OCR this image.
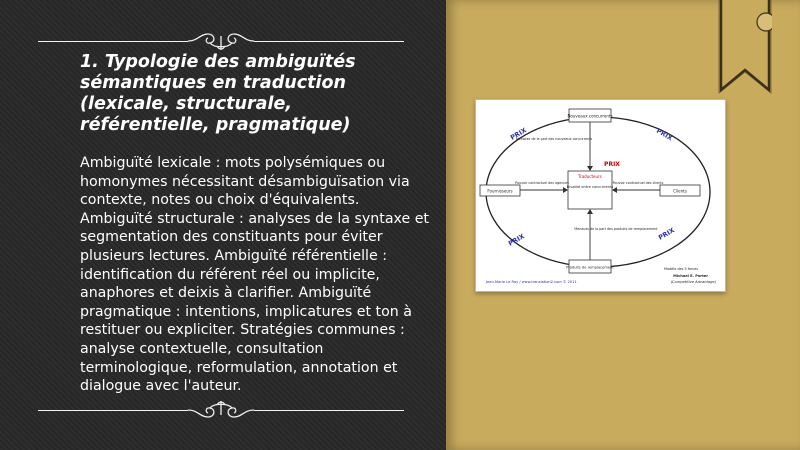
1. Typologie des ambiguïtés sémantiques en traduction (lexicale, structurale, référentielle, pragmatique)

Ambiguïté lexicale : mots polysémiques ou homonymes nécessitant désambiguïsation via contexte, notes ou choix d'équivalents. Ambiguïté structurale : analyses de la syntaxe et segmentation des constituants pour éviter plusieurs lectures. Ambiguïté référentielle : identification du référent réel ou implicite, anaphores et deixis à clarifier. Ambiguïté pragmatique : intentions, implicatures et ton à restituer ou expliciter. Stratégies communes : analyse contextuelle, consultation terminologique, reformulation, annotation et dialogue avec l'auteur.

Nouveaux concurrents
Fournisseurs	Clients
Produits de remplacement
Traducteurs
Rivalité entre concurrents
PRIX
Menaces de la part des nouveaux concurrents
Menaces de la part des produits de remplacement
Pouvoir contractuel des agences	Pouvoir contractuel des clients
PRIX	PRIX
PRIX	PRIX
Modèle des 5 forces
Michael E. Porter
(Competitive Advantage)
Jean-Marie Le Ray / www.translation2.com © 2011
